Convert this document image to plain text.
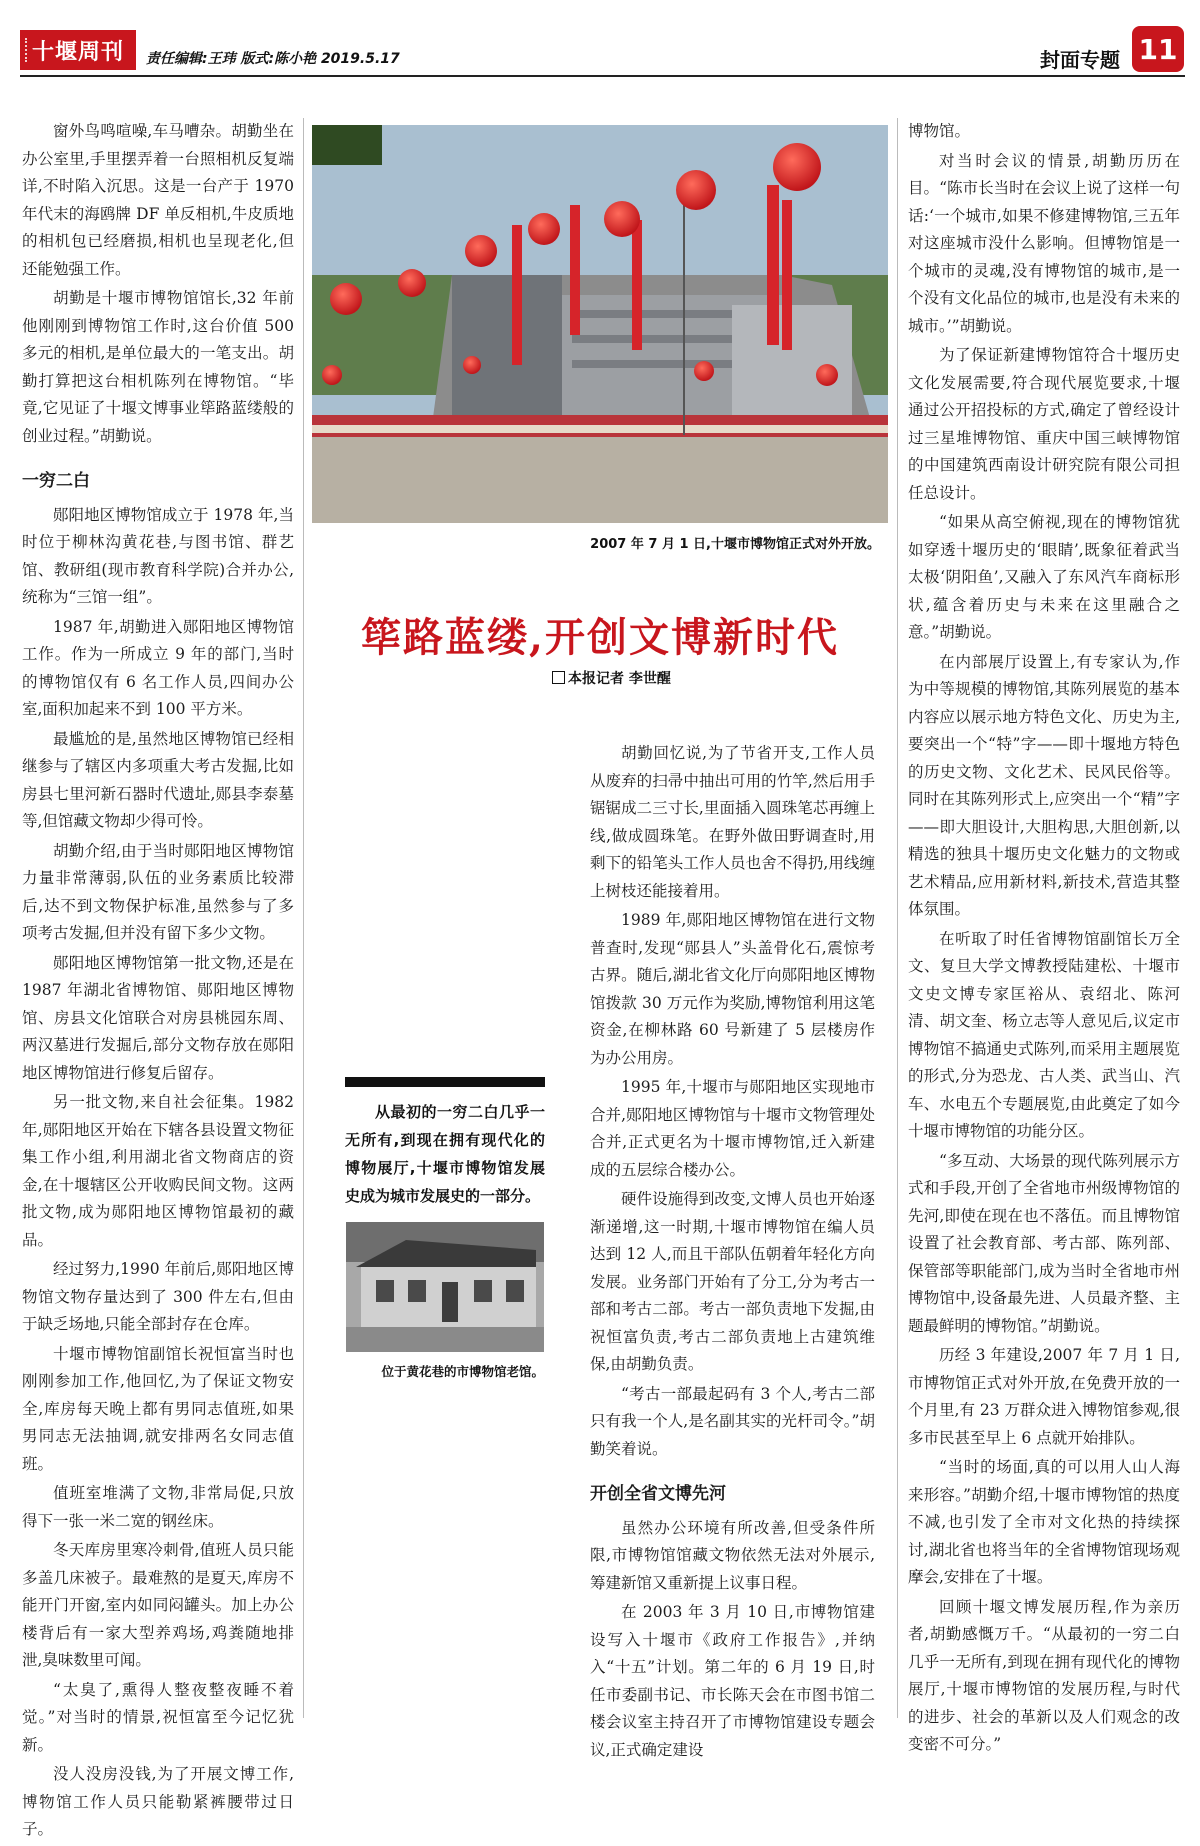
十堰周刊 责任编辑:王玮 版式:陈小艳 2019.5.17	封面专题 11

窗外鸟鸣喧噪,车马嘈杂。胡勤坐在办公室里,手里摆弄着一台照相机反复端详,不时陷入沉思。这是一台产于 1970 年代末的海鸥牌 DF 单反相机,牛皮质地的相机包已经磨损,相机也呈现老化,但还能勉强工作。

胡勤是十堰市博物馆馆长,32 年前他刚刚到博物馆工作时,这台价值 500 多元的相机,是单位最大的一笔支出。胡勤打算把这台相机陈列在博物馆。“毕竟,它见证了十堰文博事业筚路蓝缕般的创业过程。”胡勤说。

一穷二白

郧阳地区博物馆成立于 1978 年,当时位于柳林沟黄花巷,与图书馆、群艺馆、教研组(现市教育科学院)合并办公,统称为“三馆一组”。

1987 年,胡勤进入郧阳地区博物馆工作。作为一所成立 9 年的部门,当时的博物馆仅有 6 名工作人员,四间办公室,面积加起来不到 100 平方米。

最尴尬的是,虽然地区博物馆已经相继参与了辖区内多项重大考古发掘,比如房县七里河新石器时代遗址,郧县李泰墓等,但馆藏文物却少得可怜。

胡勤介绍,由于当时郧阳地区博物馆力量非常薄弱,队伍的业务素质比较滞后,达不到文物保护标准,虽然参与了多项考古发掘,但并没有留下多少文物。

郧阳地区博物馆第一批文物,还是在 1987 年湖北省博物馆、郧阳地区博物馆、房县文化馆联合对房县桃园东周、两汉墓进行发掘后,部分文物存放在郧阳地区博物馆进行修复后留存。

另一批文物,来自社会征集。1982 年,郧阳地区开始在下辖各县设置文物征集工作小组,利用湖北省文物商店的资金,在十堰辖区公开收购民间文物。这两批文物,成为郧阳地区博物馆最初的藏品。

经过努力,1990 年前后,郧阳地区博物馆文物存量达到了 300 件左右,但由于缺乏场地,只能全部封存在仓库。

十堰市博物馆副馆长祝恒富当时也刚刚参加工作,他回忆,为了保证文物安全,库房每天晚上都有男同志值班,如果男同志无法抽调,就安排两名女同志值班。

值班室堆满了文物,非常局促,只放得下一张一米二宽的钢丝床。

冬天库房里寒冷刺骨,值班人员只能多盖几床被子。最难熬的是夏天,库房不能开门开窗,室内如同闷罐头。加上办公楼背后有一家大型养鸡场,鸡粪随地排泄,臭味数里可闻。

“太臭了,熏得人整夜整夜睡不着觉。”对当时的情景,祝恒富至今记忆犹新。

没人没房没钱,为了开展文博工作,博物馆工作人员只能勒紧裤腰带过日子。

2007 年 7 月 1 日,十堰市博物馆正式对外开放。
筚路蓝缕,开创文博新时代
本报记者 李世醒
从最初的一穷二白几乎一无所有,到现在拥有现代化的博物展厅,十堰市博物馆发展史成为城市发展史的一部分。
位于黄花巷的市博物馆老馆。

胡勤回忆说,为了节省开支,工作人员从废弃的扫帚中抽出可用的竹竿,然后用手锯锯成二三寸长,里面插入圆珠笔芯再缠上线,做成圆珠笔。在野外做田野调查时,用剩下的铅笔头工作人员也舍不得扔,用线缠上树枝还能接着用。

1989 年,郧阳地区博物馆在进行文物普查时,发现“郧县人”头盖骨化石,震惊考古界。随后,湖北省文化厅向郧阳地区博物馆拨款 30 万元作为奖励,博物馆利用这笔资金,在柳林路 60 号新建了 5 层楼房作为办公用房。

1995 年,十堰市与郧阳地区实现地市合并,郧阳地区博物馆与十堰市文物管理处合并,正式更名为十堰市博物馆,迁入新建成的五层综合楼办公。

硬件设施得到改变,文博人员也开始逐渐递增,这一时期,十堰市博物馆在编人员达到 12 人,而且干部队伍朝着年轻化方向发展。业务部门开始有了分工,分为考古一部和考古二部。考古一部负责地下发掘,由祝恒富负责,考古二部负责地上古建筑维保,由胡勤负责。

“考古一部最起码有 3 个人,考古二部只有我一个人,是名副其实的光杆司令。”胡勤笑着说。

开创全省文博先河

虽然办公环境有所改善,但受条件所限,市博物馆馆藏文物依然无法对外展示,筹建新馆又重新提上议事日程。

在 2003 年 3 月 10 日,市博物馆建设写入十堰市《政府工作报告》,并纳入“十五”计划。第二年的 6 月 19 日,时任市委副书记、市长陈天会在市图书馆二楼会议室主持召开了市博物馆建设专题会议,正式确定建设

博物馆。

对当时会议的情景,胡勤历历在目。“陈市长当时在会议上说了这样一句话:‘一个城市,如果不修建博物馆,三五年对这座城市没什么影响。但博物馆是一个城市的灵魂,没有博物馆的城市,是一个没有文化品位的城市,也是没有未来的城市。’”胡勤说。

为了保证新建博物馆符合十堰历史文化发展需要,符合现代展览要求,十堰通过公开招投标的方式,确定了曾经设计过三星堆博物馆、重庆中国三峡博物馆的中国建筑西南设计研究院有限公司担任总设计。

“如果从高空俯视,现在的博物馆犹如穿透十堰历史的‘眼睛’,既象征着武当太极‘阴阳鱼’,又融入了东风汽车商标形状,蕴含着历史与未来在这里融合之意。”胡勤说。

在内部展厅设置上,有专家认为,作为中等规模的博物馆,其陈列展览的基本内容应以展示地方特色文化、历史为主,要突出一个“特”字——即十堰地方特色的历史文物、文化艺术、民风民俗等。同时在其陈列形式上,应突出一个“精”字——即大胆设计,大胆构思,大胆创新,以精选的独具十堰历史文化魅力的文物或艺术精品,应用新材料,新技术,营造其整体氛围。

在听取了时任省博物馆副馆长万全文、复旦大学文博教授陆建松、十堰市文史文博专家匡裕从、袁绍北、陈河清、胡文奎、杨立志等人意见后,议定市博物馆不搞通史式陈列,而采用主题展览的形式,分为恐龙、古人类、武当山、汽车、水电五个专题展览,由此奠定了如今十堰市博物馆的功能分区。

“多互动、大场景的现代陈列展示方式和手段,开创了全省地市州级博物馆的先河,即使在现在也不落伍。而且博物馆设置了社会教育部、考古部、陈列部、保管部等职能部门,成为当时全省地市州博物馆中,设备最先进、人员最齐整、主题最鲜明的博物馆。”胡勤说。

历经 3 年建设,2007 年 7 月 1 日,市博物馆正式对外开放,在免费开放的一个月里,有 23 万群众进入博物馆参观,很多市民甚至早上 6 点就开始排队。

“当时的场面,真的可以用人山人海来形容。”胡勤介绍,十堰市博物馆的热度不减,也引发了全市对文化热的持续探讨,湖北省也将当年的全省博物馆现场观摩会,安排在了十堰。

回顾十堰文博发展历程,作为亲历者,胡勤感慨万千。“从最初的一穷二白几乎一无所有,到现在拥有现代化的博物展厅,十堰市博物馆的发展历程,与时代的进步、社会的革新以及人们观念的改变密不可分。”
